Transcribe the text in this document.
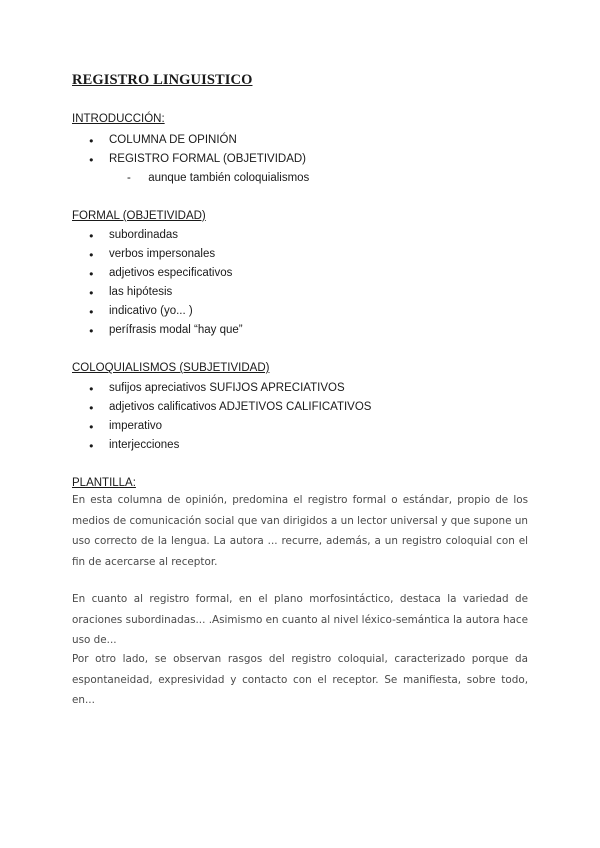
REGISTRO LINGUISTICO
INTRODUCCIÓN:
● COLUMNA DE OPINIÓN
● REGISTRO FORMAL (OBJETIVIDAD)
- aunque también coloquialismos
FORMAL (OBJETIVIDAD)
● subordinadas
● verbos impersonales
● adjetivos especificativos
● las hipótesis
● indicativo (yo... )
● perífrasis modal “hay que”
COLOQUIALISMOS (SUBJETIVIDAD)
● sufijos apreciativos SUFIJOS APRECIATIVOS
● adjetivos calificativos ADJETIVOS CALIFICATIVOS
● imperativo
● interjecciones
PLANTILLA:

En esta columna de opinión, predomina el registro formal o estándar, propio de los medios de comunicación social que van dirigidos a un lector universal y que supone un uso correcto de la lengua. La autora ... recurre, además, a un registro coloquial con el fin de acercarse al receptor.

En cuanto al registro formal, en el plano morfosintáctico, destaca la variedad de oraciones subordinadas... .Asimismo en cuanto al nivel léxico-semántica la autora hace uso de...

Por otro lado, se observan rasgos del registro coloquial, caracterizado porque da espontaneidad, expresividad y contacto con el receptor. Se manifiesta, sobre todo, en...
